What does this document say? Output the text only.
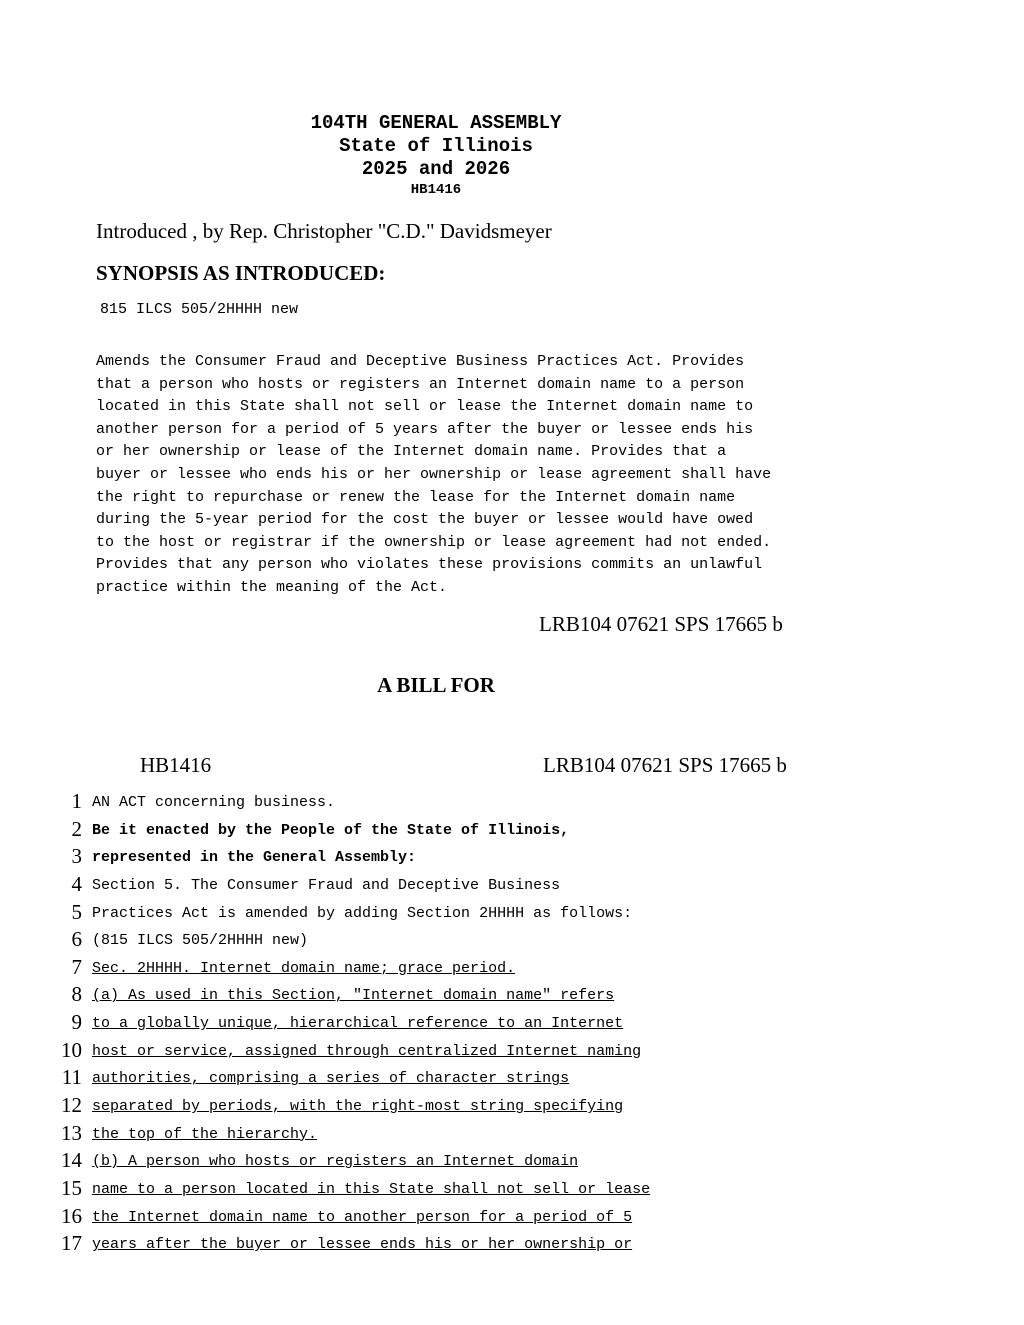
104TH GENERAL ASSEMBLY
State of Illinois
2025 and 2026
HB1416
Introduced , by Rep. Christopher "C.D." Davidsmeyer
SYNOPSIS AS INTRODUCED:
815 ILCS 505/2HHHH new
Amends the Consumer Fraud and Deceptive Business Practices Act. Provides
that a person who hosts or registers an Internet domain name to a person
located in this State shall not sell or lease the Internet domain name to
another person for a period of 5 years after the buyer or lessee ends his
or her ownership or lease of the Internet domain name. Provides that a
buyer or lessee who ends his or her ownership or lease agreement shall have
the right to repurchase or renew the lease for the Internet domain name
during the 5-year period for the cost the buyer or lessee would have owed
to the host or registrar if the ownership or lease agreement had not ended.
Provides that any person who violates these provisions commits an unlawful
practice within the meaning of the Act.
LRB104 07621 SPS 17665 b
A BILL FOR
HB1416	LRB104 07621 SPS 17665 b
1 AN ACT concerning business.
2 Be it enacted by the People of the State of Illinois,
3 represented in the General Assembly:
4 Section 5. The Consumer Fraud and Deceptive Business
5 Practices Act is amended by adding Section 2HHHH as follows:
6 (815 ILCS 505/2HHHH new)
7 Sec. 2HHHH. Internet domain name; grace period.
8 (a) As used in this Section, "Internet domain name" refers
9 to a globally unique, hierarchical reference to an Internet
10 host or service, assigned through centralized Internet naming
11 authorities, comprising a series of character strings
12 separated by periods, with the right-most string specifying
13 the top of the hierarchy.
14 (b) A person who hosts or registers an Internet domain
15 name to a person located in this State shall not sell or lease
16 the Internet domain name to another person for a period of 5
17 years after the buyer or lessee ends his or her ownership or
